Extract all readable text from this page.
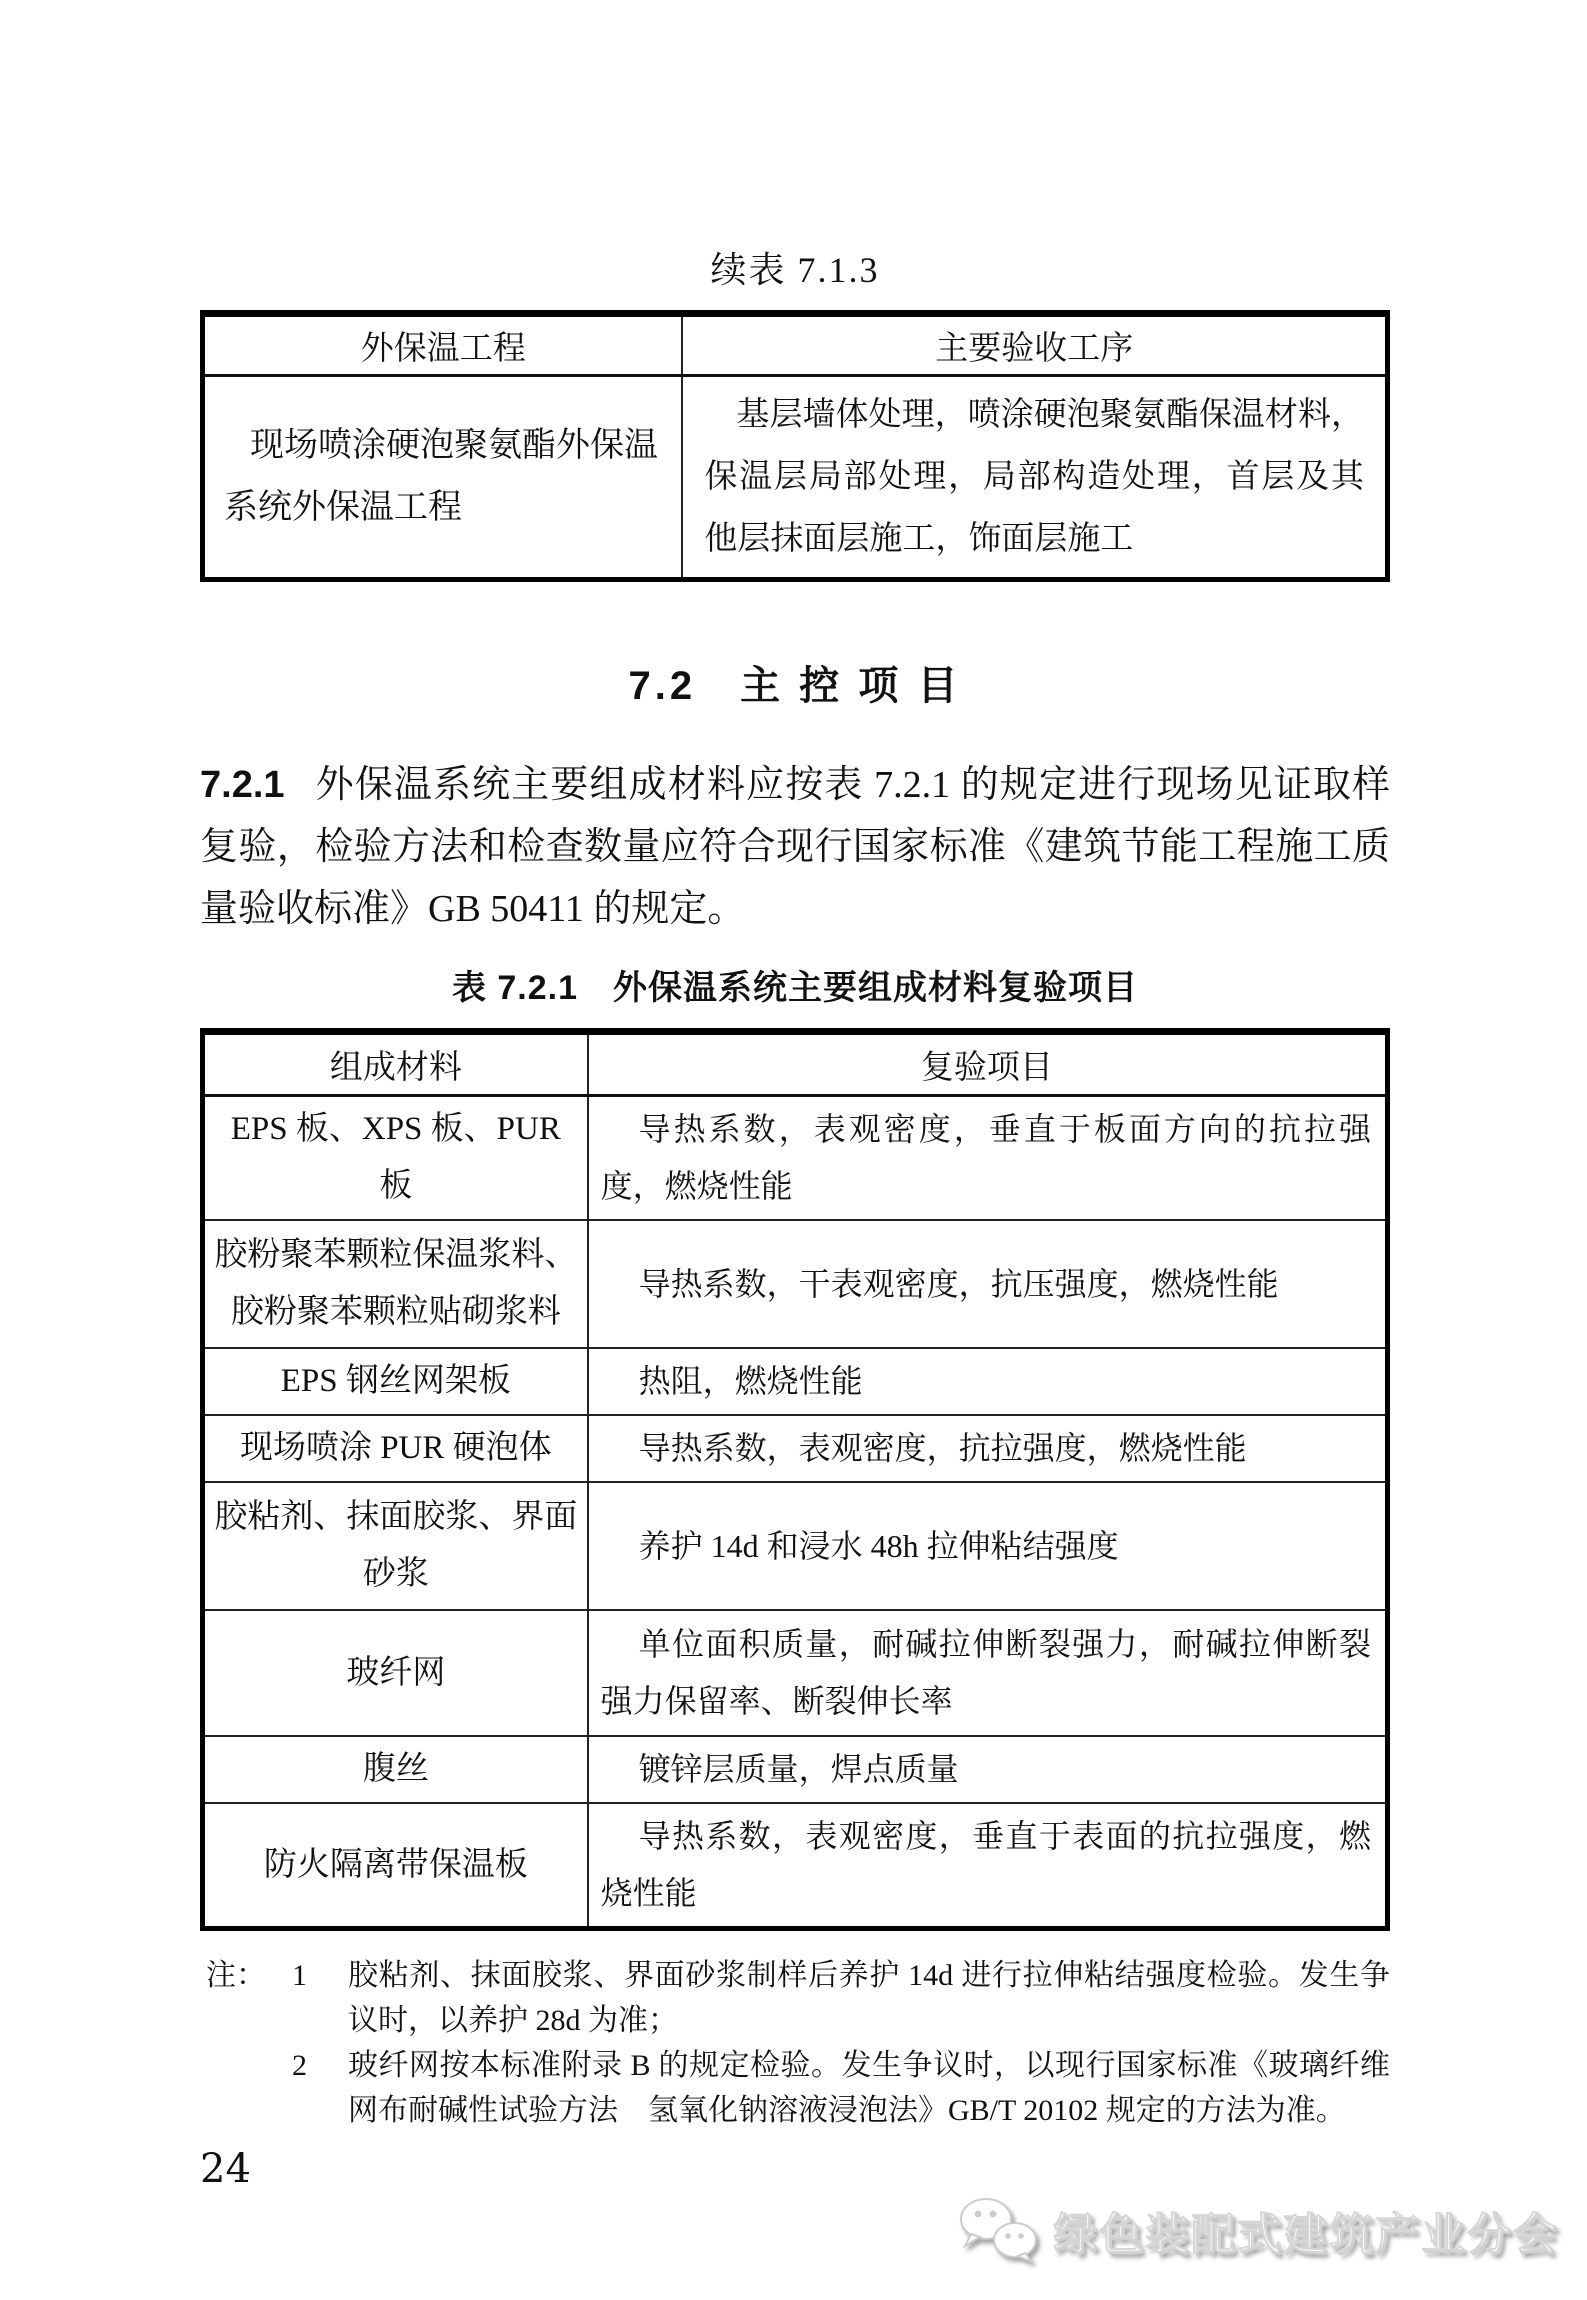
续表 7.1.3
外保温工程	主要验收工序

现场喷涂硬泡聚氨酯外保温系统外保温工程	基层墙体处理，喷涂硬泡聚氨酯保温材料，保温层局部处理，局部构造处理，首层及其他层抹面层施工，饰面层施工
7.2　主 控 项 目

7.2.1 外保温系统主要组成材料应按表 7.2.1 的规定进行现场见证取样复验，检验方法和检查数量应符合现行国家标准《建筑节能工程施工质量验收标准》GB 50411 的规定。

表 7.2.1　外保温系统主要组成材料复验项目
组成材料	复验项目
EPS 板、XPS 板、PUR 板	导热系数，表观密度，垂直于板面方向的抗拉强度，燃烧性能

胶粉聚苯颗粒保温浆料、胶粉聚苯颗粒贴砌浆料	导热系数，干表观密度，抗压强度，燃烧性能

EPS 钢丝网架板	热阻，燃烧性能

现场喷涂 PUR 硬泡体	导热系数，表观密度，抗拉强度，燃烧性能

胶粘剂、抹面胶浆、界面砂浆	养护 14d 和浸水 48h 拉伸粘结强度

玻纤网	单位面积质量，耐碱拉伸断裂强力，耐碱拉伸断裂强力保留率、断裂伸长率

腹丝	镀锌层质量，焊点质量

防火隔离带保温板	导热系数，表观密度，垂直于表面的抗拉强度，燃烧性能
注： 1 胶粘剂、抹面胶浆、界面砂浆制样后养护 14d 进行拉伸粘结强度检验。发生争议时，以养护 28d 为准；
2 玻纤网按本标准附录 B 的规定检验。发生争议时，以现行国家标准《玻璃纤维网布耐碱性试验方法　氢氧化钠溶液浸泡法》GB/T 20102 规定的方法为准。
24
绿色装配式建筑产业分会
